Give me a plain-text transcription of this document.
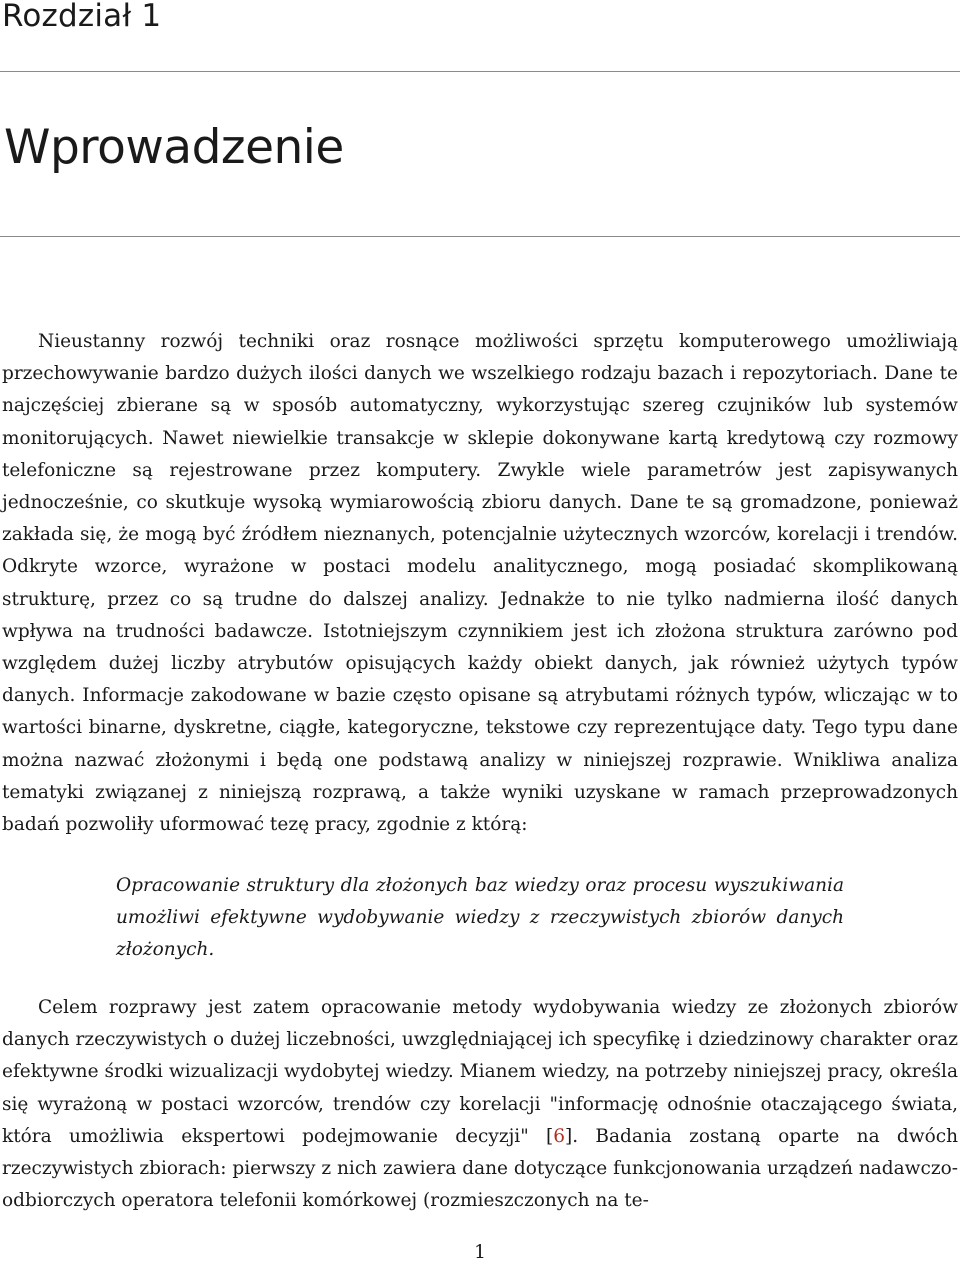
Rozdział 1
Wprowadzenie

Nieustanny rozwój techniki oraz rosnące możliwości sprzętu komputerowego umożliwiają przechowywanie bardzo dużych ilości danych we wszelkiego rodzaju bazach i repozytoriach. Dane te najczęściej zbierane są w sposób automatyczny, wykorzystując szereg czujników lub systemów monitorujących. Nawet niewielkie transakcje w sklepie dokonywane kartą kredytową czy rozmowy telefoniczne są rejestrowane przez komputery. Zwykle wiele parametrów jest zapisywanych jednocześnie, co skutkuje wysoką wymiarowością zbioru danych. Dane te są gromadzone, ponieważ zakłada się, że mogą być źródłem nieznanych, potencjalnie użytecznych wzorców, korelacji i trendów. Odkryte wzorce, wyrażone w postaci modelu analitycznego, mogą posiadać skomplikowaną strukturę, przez co są trudne do dalszej analizy. Jednakże to nie tylko nadmierna ilość danych wpływa na trudności badawcze. Istotniejszym czynnikiem jest ich złożona struktura zarówno pod względem dużej liczby atrybutów opisujących każdy obiekt danych, jak również użytych typów danych. Informacje zakodowane w bazie często opisane są atrybutami różnych typów, wliczając w to wartości binarne, dyskretne, ciągłe, kategoryczne, tekstowe czy reprezentujące daty. Tego typu dane można nazwać złożonymi i będą one podstawą analizy w niniejszej rozprawie. Wnikliwa analiza tematyki związanej z niniejszą rozprawą, a także wyniki uzyskane w ramach przeprowadzonych badań pozwoliły uformować tezę pracy, zgodnie z którą:

Opracowanie struktury dla złożonych baz wiedzy oraz procesu wyszukiwania umożliwi efektywne wydobywanie wiedzy z rzeczywistych zbiorów danych złożonych.

Celem rozprawy jest zatem opracowanie metody wydobywania wiedzy ze złożonych zbiorów danych rzeczywistych o dużej liczebności, uwzględniającej ich specyfikę i dziedzinowy charakter oraz efektywne środki wizualizacji wydobytej wiedzy. Mianem wiedzy, na potrzeby niniejszej pracy, określa się wyrażoną w postaci wzorców, trendów czy korelacji "informację odnośnie otaczającego świata, która umożliwia ekspertowi podejmowanie decyzji" [6]. Badania zostaną oparte na dwóch rzeczywistych zbiorach: pierwszy z nich zawiera dane dotyczące funkcjonowania urządzeń nadawczo-odbiorczych operatora telefonii komórkowej (rozmieszczonych na te-

1
